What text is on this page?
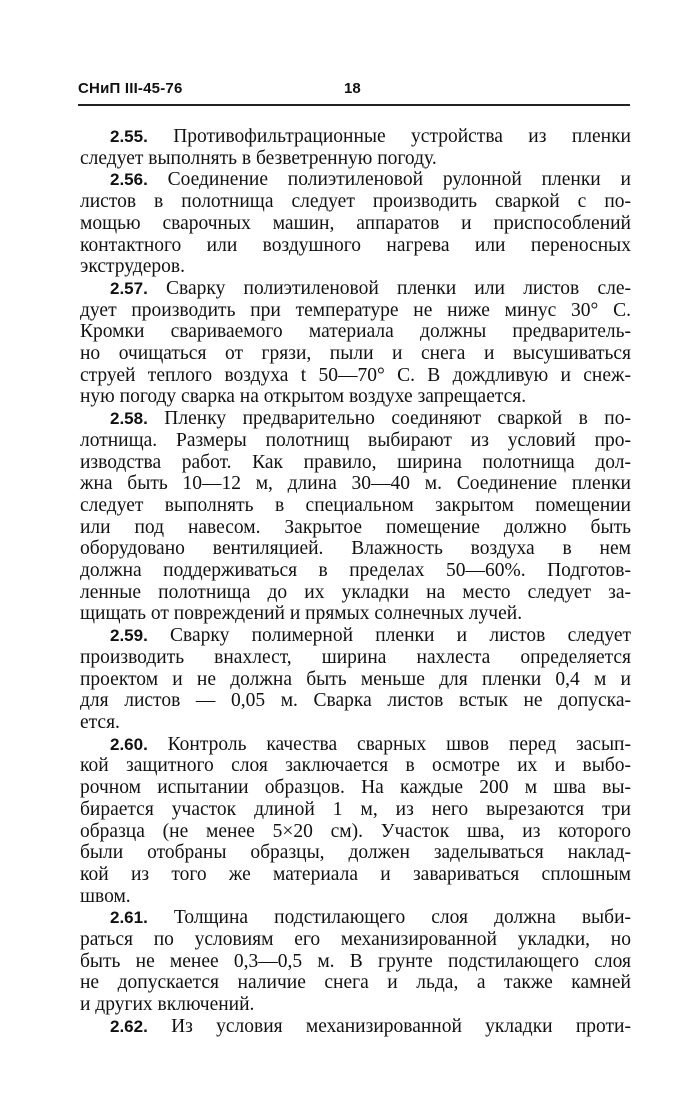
СНиП III-45-76	18
2.55. Противофильтрационные устройства из пленки
следует выполнять в безветренную погоду.
2.56. Соединение полиэтиленовой рулонной пленки и
листов в полотнища следует производить сваркой с по-
мощью сварочных машин, аппаратов и приспособлений
контактного или воздушного нагрева или переносных
экструдеров.
2.57. Сварку полиэтиленовой пленки или листов сле-
дует производить при температуре не ниже минус 30° С.
Кромки свариваемого материала должны предваритель-
но очищаться от грязи, пыли и снега и высушиваться
струей теплого воздуха t 50—70° С. В дождливую и снеж-
ную погоду сварка на открытом воздухе запрещается.
2.58. Пленку предварительно соединяют сваркой в по-
лотнища. Размеры полотнищ выбирают из условий про-
изводства работ. Как правило, ширина полотнища дол-
жна быть 10—12 м, длина 30—40 м. Соединение пленки
следует выполнять в специальном закрытом помещении
или под навесом. Закрытое помещение должно быть
оборудовано вентиляцией. Влажность воздуха в нем
должна поддерживаться в пределах 50—60%. Подготов-
ленные полотнища до их укладки на место следует за-
щищать от повреждений и прямых солнечных лучей.
2.59. Сварку полимерной пленки и листов следует
производить внахлест, ширина нахлеста определяется
проектом и не должна быть меньше для пленки 0,4 м и
для листов — 0,05 м. Сварка листов встык не допуска-
ется.
2.60. Контроль качества сварных швов перед засып-
кой защитного слоя заключается в осмотре их и выбо-
рочном испытании образцов. На каждые 200 м шва вы-
бирается участок длиной 1 м, из него вырезаются три
образца (не менее 5×20 см). Участок шва, из которого
были отобраны образцы, должен заделываться наклад-
кой из того же материала и завариваться сплошным
швом.
2.61. Толщина подстилающего слоя должна выби-
раться по условиям его механизированной укладки, но
быть не менее 0,3—0,5 м. В грунте подстилающего слоя
не допускается наличие снега и льда, а также камней
и других включений.
2.62. Из условия механизированной укладки проти-
